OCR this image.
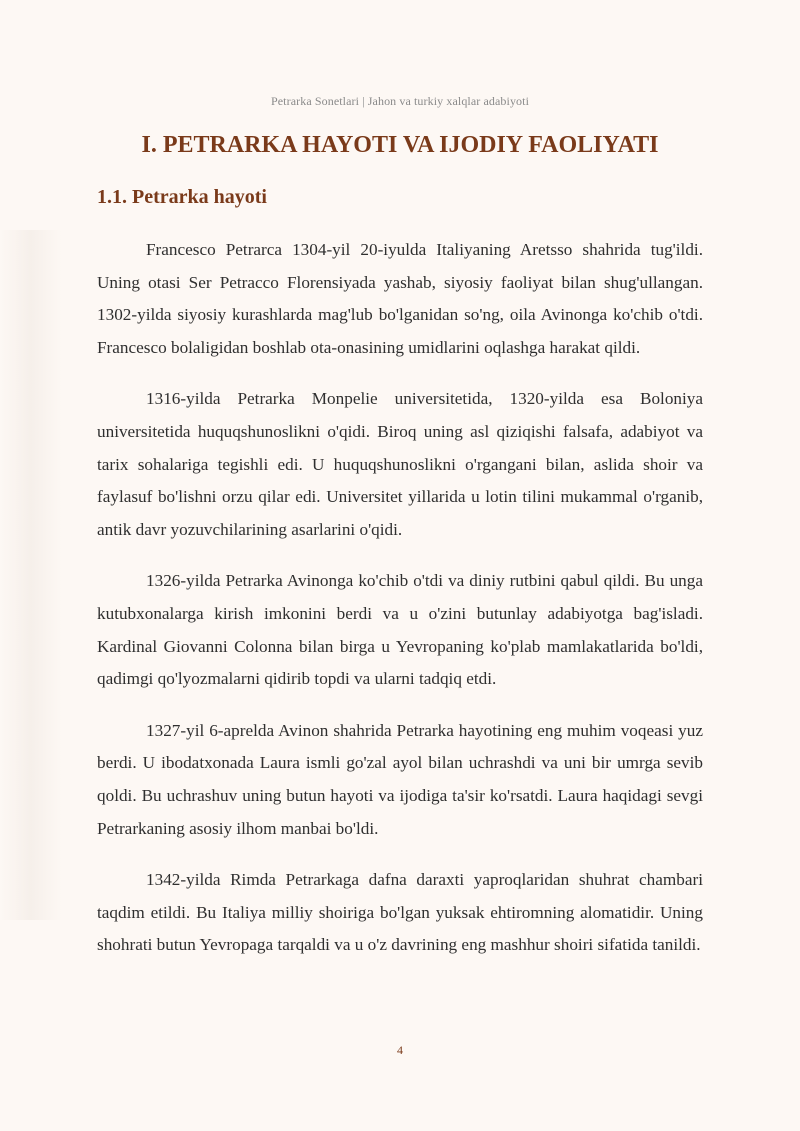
Petrarka Sonetlari | Jahon va turkiy xalqlar adabiyoti
I. PETRARKA HAYOTI VA IJODIY FAOLIYATI
1.1. Petrarka hayoti

Francesco Petrarca 1304-yil 20-iyulda Italiyaning Aretsso shahrida tug'ildi. Uning otasi Ser Petracco Florensiyada yashab, siyosiy faoliyat bilan shug'ullangan. 1302-yilda siyosiy kurashlarda mag'lub bo'lganidan so'ng, oila Avinonga ko'chib o'tdi. Francesco bolaligidan boshlab ota-onasining umidlarini oqlashga harakat qildi.

1316-yilda Petrarka Monpelie universitetida, 1320-yilda esa Boloniya universitetida huquqshunoslikni o'qidi. Biroq uning asl qiziqishi falsafa, adabiyot va tarix sohalariga tegishli edi. U huquqshunoslikni o'rgangani bilan, aslida shoir va faylasuf bo'lishni orzu qilar edi. Universitet yillarida u lotin tilini mukammal o'rganib, antik davr yozuvchilarining asarlarini o'qidi.

1326-yilda Petrarka Avinonga ko'chib o'tdi va diniy rutbini qabul qildi. Bu unga kutubxonalarga kirish imkonini berdi va u o'zini butunlay adabiyotga bag'isladi. Kardinal Giovanni Colonna bilan birga u Yevropaning ko'plab mamlakatlarida bo'ldi, qadimgi qo'lyozmalarni qidirib topdi va ularni tadqiq etdi.

1327-yil 6-aprelda Avinon shahrida Petrarka hayotining eng muhim voqeasi yuz berdi. U ibodatxonada Laura ismli go'zal ayol bilan uchrashdi va uni bir umrga sevib qoldi. Bu uchrashuv uning butun hayoti va ijodiga ta'sir ko'rsatdi. Laura haqidagi sevgi Petrarkaning asosiy ilhom manbai bo'ldi.

1342-yilda Rimda Petrarkaga dafna daraxti yaproqlaridan shuhrat chambari taqdim etildi. Bu Italiya milliy shoiriga bo'lgan yuksak ehtiromning alomatidir. Uning shohrati butun Yevropaga tarqaldi va u o'z davrining eng mashhur shoiri sifatida tanildi.

4
